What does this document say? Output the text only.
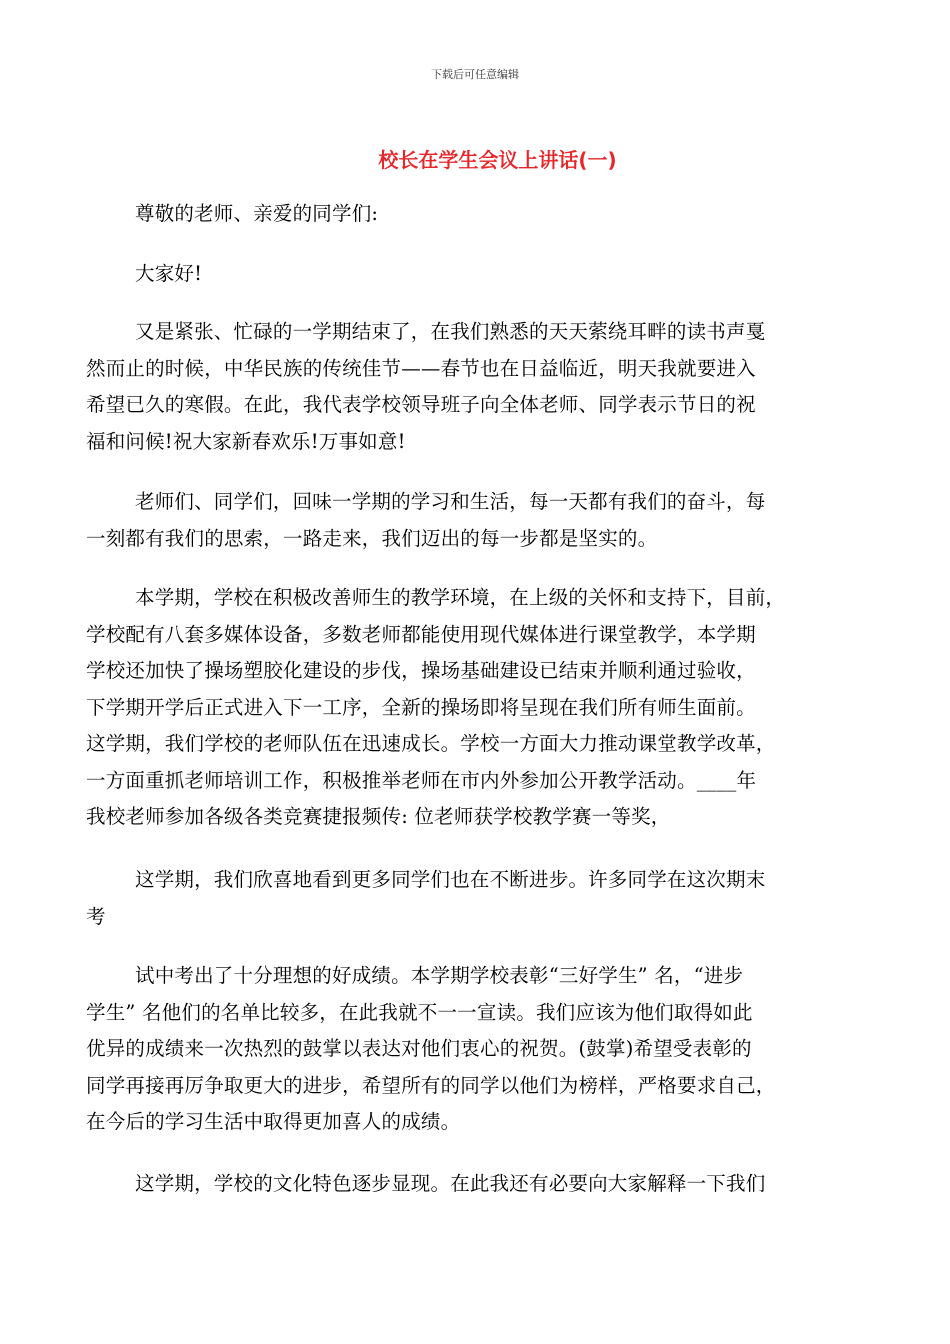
下载后可任意编辑
校长在学生会议上讲话(一)
尊敬的老师、亲爱的同学们:
大家好!
又是紧张、忙碌的一学期结束了，在我们熟悉的天天萦绕耳畔的读书声戛
然而止的时候，中华民族的传统佳节——春节也在日益临近，明天我就要进入
希望已久的寒假。在此，我代表学校领导班子向全体老师、同学表示节日的祝
福和问候!祝大家新春欢乐!万事如意!
老师们、同学们，回味一学期的学习和生活，每一天都有我们的奋斗，每
一刻都有我们的思索，一路走来，我们迈出的每一步都是坚实的。
本学期，学校在积极改善师生的教学环境，在上级的关怀和支持下，目前，
学校配有八套多媒体设备，多数老师都能使用现代媒体进行课堂教学，本学期
学校还加快了操场塑胶化建设的步伐，操场基础建设已结束并顺利通过验收，
下学期开学后正式进入下一工序，全新的操场即将呈现在我们所有师生面前。
这学期，我们学校的老师队伍在迅速成长。学校一方面大力推动课堂教学改革，
一方面重抓老师培训工作，积极推举老师在市内外参加公开教学活动。____年
我校老师参加各级各类竞赛捷报频传: 位老师获学校教学赛一等奖，
这学期，我们欣喜地看到更多同学们也在不断进步。许多同学在这次期末
考
试中考出了十分理想的好成绩。本学期学校表彰“三好学生” 名，“进步
学生” 名他们的名单比较多，在此我就不一一宣读。我们应该为他们取得如此
优异的成绩来一次热烈的鼓掌以表达对他们衷心的祝贺。(鼓掌)希望受表彰的
同学再接再厉争取更大的进步，希望所有的同学以他们为榜样，严格要求自己，
在今后的学习生活中取得更加喜人的成绩。
这学期，学校的文化特色逐步显现。在此我还有必要向大家解释一下我们
